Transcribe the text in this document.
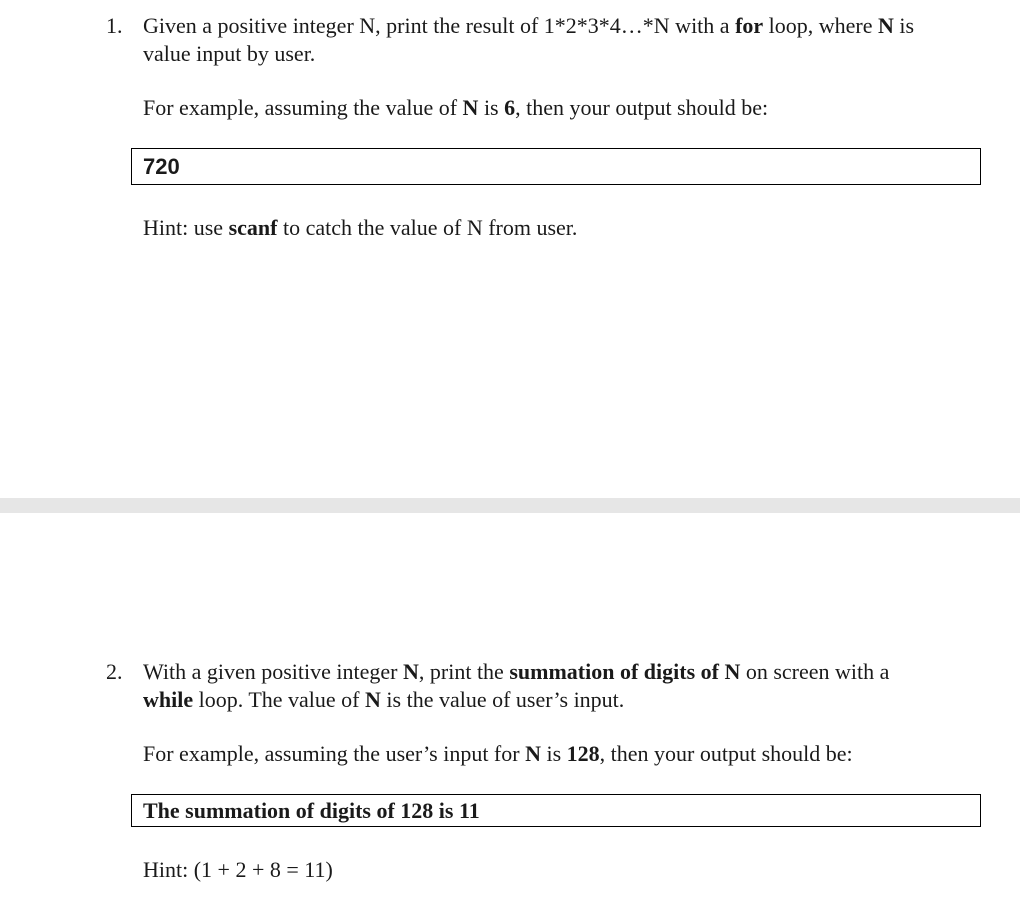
1. Given a positive integer N, print the result of 1*2*3*4…*N with a for loop, where N is
value input by user.
For example, assuming the value of N is 6, then your output should be:
720
Hint: use scanf to catch the value of N from user.
2. With a given positive integer N, print the summation of digits of N on screen with a
while loop. The value of N is the value of user’s input.
For example, assuming the user’s input for N is 128, then your output should be:
The summation of digits of 128 is 11
Hint: (1 + 2 + 8 = 11)
